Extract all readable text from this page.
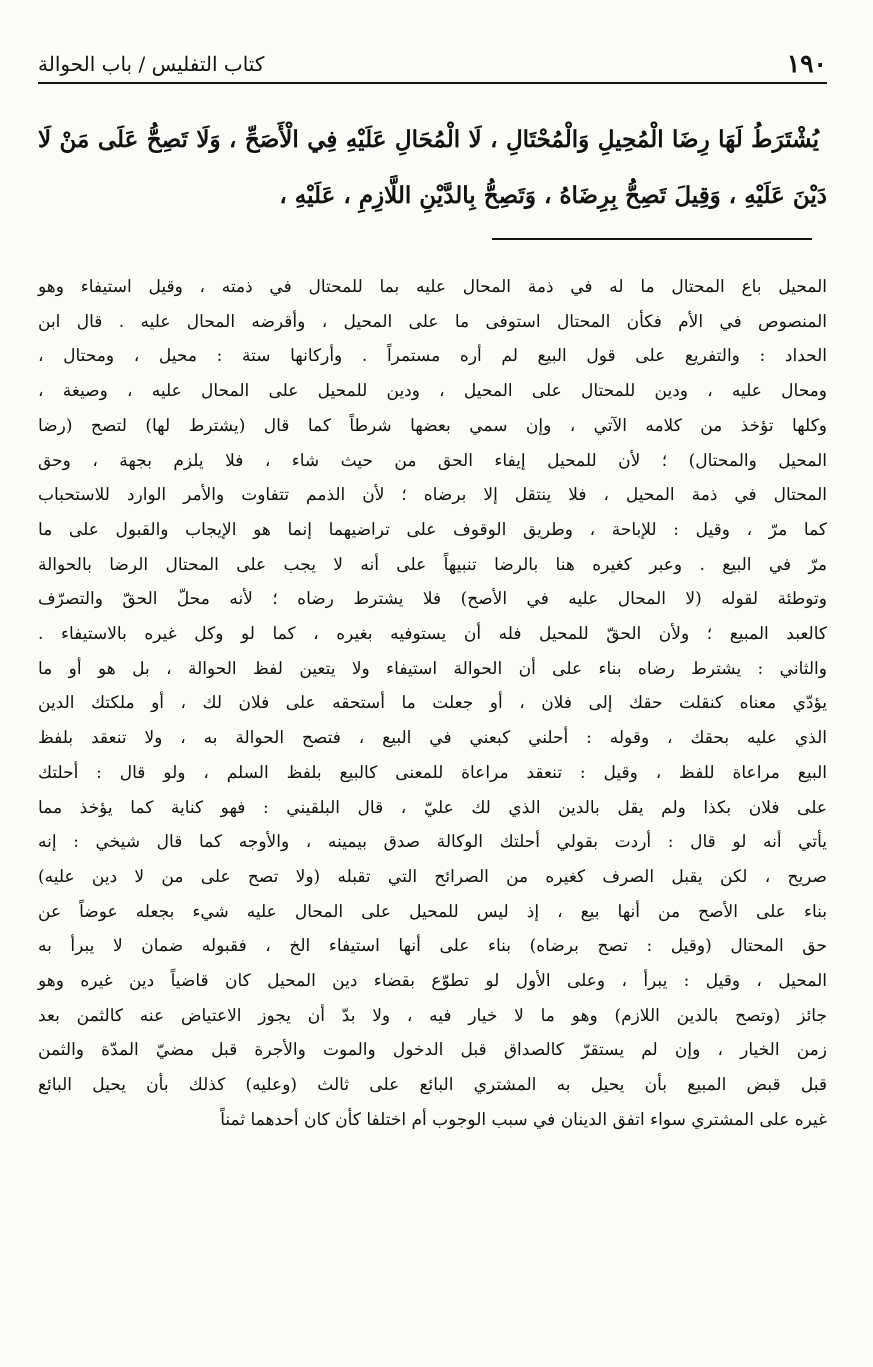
كتاب التفليس / باب الحوالة	١٩٠
يُشْتَرَطُ لَهَا رِضَا الْمُحِيلِ وَالْمُحْتَالِ ، لَا الْمُحَالِ عَلَيْهِ فِي الْأَصَحِّ ، وَلَا تَصِحُّ عَلَى مَنْ لَا دَيْنَ عَلَيْهِ ، وَقِيلَ تَصِحُّ بِرِضَاهُ ، وَتَصِحُّ بِالدَّيْنِ اللَّازِمِ ، عَلَيْهِ ،
المحيل باع المحتال ما له في ذمة المحال عليه بما للمحتال في ذمته ، وقيل استيفاء وهو
المنصوص في الأم فكأن المحتال استوفى ما على المحيل ، وأقرضه المحال عليه . قال ابن
الحداد : والتفريع على قول البيع لم أره مستمراً . وأركانها ستة : محيل ، ومحتال ،
ومحال عليه ، ودين للمحتال على المحيل ، ودين للمحيل على المحال عليه ، وصيغة ،
وكلها تؤخذ من كلامه الآتي ، وإن سمي بعضها شرطاً كما قال (يشترط لها) لتصح (رضا
المحيل والمحتال) ؛ لأن للمحيل إيفاء الحق من حيث شاء ، فلا يلزم بجهة ، وحق
المحتال في ذمة المحيل ، فلا ينتقل إلا برضاه ؛ لأن الذمم تتفاوت والأمر الوارد للاستحباب
كما مرّ ، وقيل : للإباحة ، وطريق الوقوف على تراضيهما إنما هو الإيجاب والقبول على ما
مرّ في البيع . وعبر كغيره هنا بالرضا تنبيهاً على أنه لا يجب على المحتال الرضا بالحوالة
وتوطئة لقوله (لا المحال عليه في الأصح) فلا يشترط رضاه ؛ لأنه محلّ الحقّ والتصرّف
كالعبد المبيع ؛ ولأن الحقّ للمحيل فله أن يستوفيه بغيره ، كما لو وكل غيره بالاستيفاء .
والثاني : يشترط رضاه بناء على أن الحوالة استيفاء ولا يتعين لفظ الحوالة ، بل هو أو ما
يؤدّي معناه كنقلت حقك إلى فلان ، أو جعلت ما أستحقه على فلان لك ، أو ملكتك الدين
الذي عليه بحقك ، وقوله : أحلني كبعني في البيع ، فتصح الحوالة به ، ولا تنعقد بلفظ
البيع مراعاة للفظ ، وقيل : تنعقد مراعاة للمعنى كالبيع بلفظ السلم ، ولو قال : أحلتك
على فلان بكذا ولم يقل بالدين الذي لك عليّ ، قال البلقيني : فهو كناية كما يؤخذ مما
يأتي أنه لو قال : أردت بقولي أحلتك الوكالة صدق بيمينه ، والأوجه كما قال شيخي : إنه
صريح ، لكن يقبل الصرف كغيره من الصرائح التي تقبله (ولا تصح على من لا دين عليه)
بناء على الأصح من أنها بيع ، إذ ليس للمحيل على المحال عليه شيء بجعله عوضاً عن
حق المحتال (وقيل : تصح برضاه) بناء على أنها استيفاء الخ ، فقبوله ضمان لا يبرأ به
المحيل ، وقيل : يبرأ ، وعلى الأول لو تطوّع بقضاء دين المحيل كان قاضياً دين غيره وهو
جائز (وتصح بالدين اللازم) وهو ما لا خيار فيه ، ولا بدّ أن يجوز الاعتياض عنه كالثمن بعد
زمن الخيار ، وإن لم يستقرّ كالصداق قبل الدخول والموت والأجرة قبل مضيّ المدّة والثمن
قبل قبض المبيع بأن يحيل به المشتري البائع على ثالث (وعليه) كذلك بأن يحيل البائع
غيره على المشتري سواء اتفق الدينان في سبب الوجوب أم اختلفا كأن كان أحدهما ثمناً
